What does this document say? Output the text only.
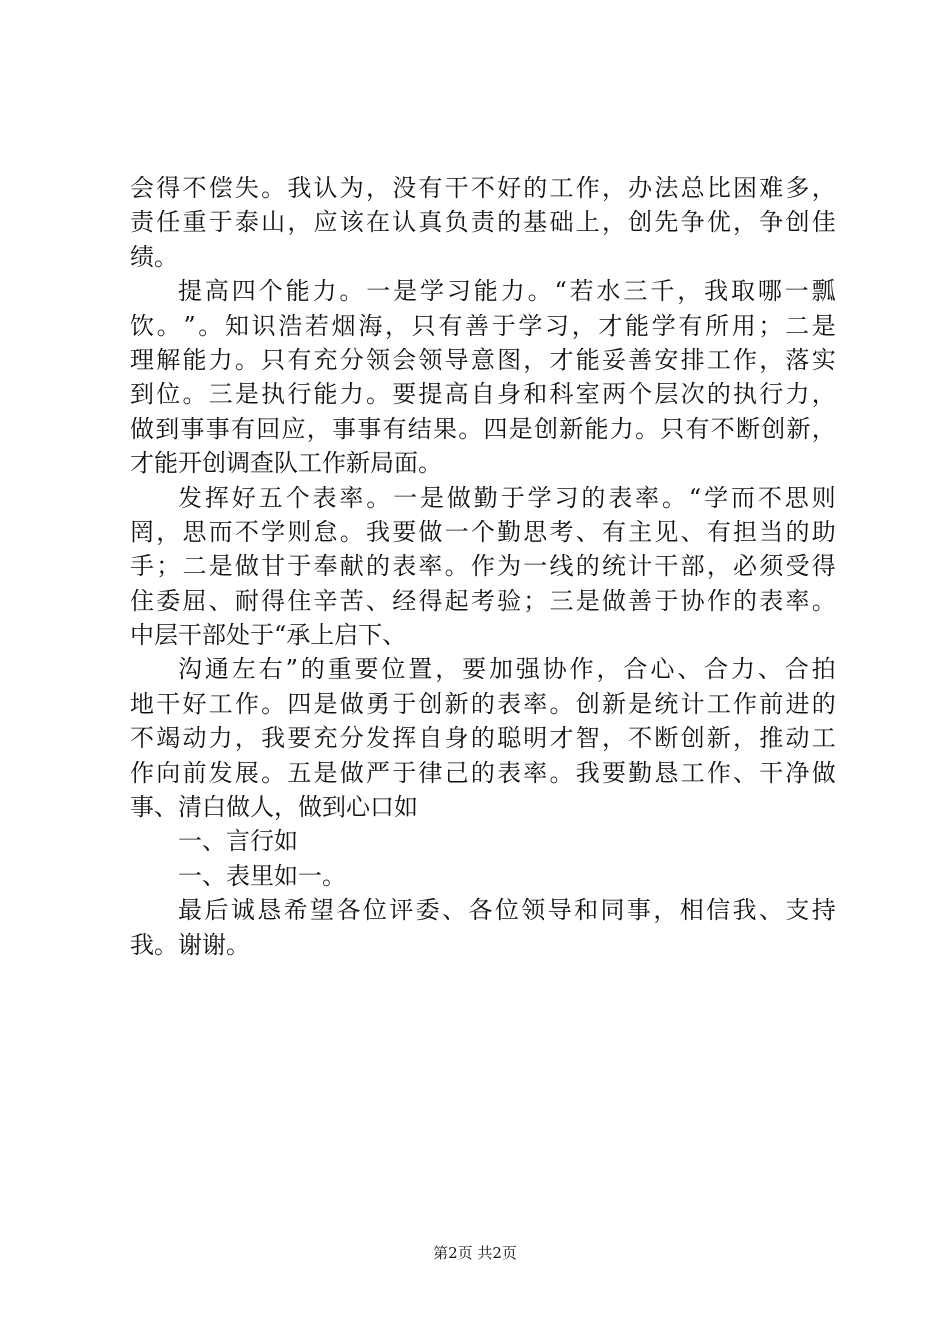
会 得 不 偿 失 。 我 认 为 ， 没 有 干 不 好 的 工 作 ， 办 法 总 比 困 难 多 ，
责 任 重 于 泰 山 ， 应 该 在 认 真 负 责 的 基 础 上 ， 创 先 争 优 ， 争 创 佳
绩。
提 高 四 个 能 力 。 一 是 学 习 能 力 。 “ 若 水 三 千 ， 我 取 哪 一 瓢
饮 。 ” 。 知 识 浩 若 烟 海 ， 只 有 善 于 学 习 ， 才 能 学 有 所 用 ； 二 是
理 解 能 力 。 只 有 充 分 领 会 领 导 意 图 ， 才 能 妥 善 安 排 工 作 ， 落 实
到 位 。 三 是 执 行 能 力 。 要 提 高 自 身 和 科 室 两 个 层 次 的 执 行 力 ，
做 到 事 事 有 回 应 ， 事 事 有 结 果 。 四 是 创 新 能 力 。 只 有 不 断 创 新 ，
才能开创调查队工作新局面。
发 挥 好 五 个 表 率 。 一 是 做 勤 于 学 习 的 表 率 。 “ 学 而 不 思 则
罔 ， 思 而 不 学 则 怠 。 我 要 做 一 个 勤 思 考 、 有 主 见 、 有 担 当 的 助
手 ； 二 是 做 甘 于 奉 献 的 表 率 。 作 为 一 线 的 统 计 干 部 ， 必 须 受 得
住 委 屈 、 耐 得 住 辛 苦 、 经 得 起 考 验 ； 三 是 做 善 于 协 作 的 表 率 。
中层干部处于“承上启下、
沟 通 左 右 ” 的 重 要 位 置 ， 要 加 强 协 作 ， 合 心 、 合 力 、 合 拍
地 干 好 工 作 。 四 是 做 勇 于 创 新 的 表 率 。 创 新 是 统 计 工 作 前 进 的
不 竭 动 力 ， 我 要 充 分 发 挥 自 身 的 聪 明 才 智 ， 不 断 创 新 ， 推 动 工
作 向 前 发 展 。 五 是 做 严 于 律 己 的 表 率 。 我 要 勤 恳 工 作 、 干 净 做
事、清白做人，做到心口如
一、言行如
一、表里如一。
最 后 诚 恳 希 望 各 位 评 委 、 各 位 领 导 和 同 事 ， 相 信 我 、 支 持
我。谢谢。
第2页 共2页
